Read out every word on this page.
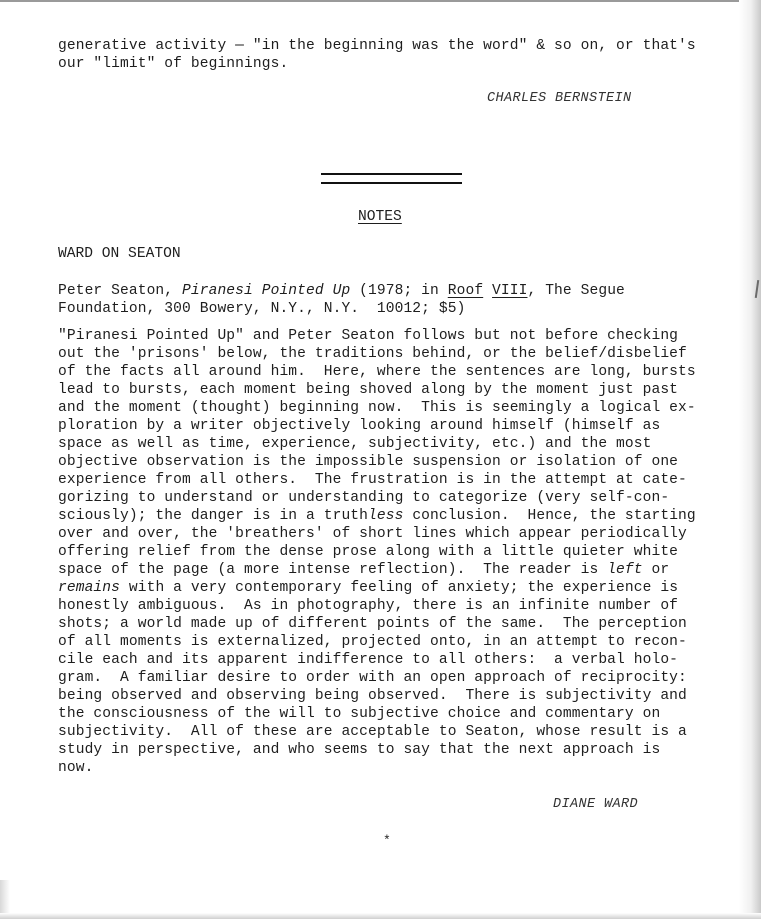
generative activity — "in the beginning was the word" & so on, or that's

our "limit" of beginnings.

CHARLES BERNSTEIN

NOTES
WARD ON SEATON

Peter Seaton, Piranesi Pointed Up (1978; in Roof VIII, The Segue

Foundation, 300 Bowery, N.Y., N.Y.  10012; $5)

"Piranesi Pointed Up" and Peter Seaton follows but not before checking

out the 'prisons' below, the traditions behind, or the belief/disbelief

of the facts all around him.  Here, where the sentences are long, bursts

lead to bursts, each moment being shoved along by the moment just past

and the moment (thought) beginning now.  This is seemingly a logical ex-

ploration by a writer objectively looking around himself (himself as

space as well as time, experience, subjectivity, etc.) and the most

objective observation is the impossible suspension or isolation of one

experience from all others.  The frustration is in the attempt at cate-

gorizing to understand or understanding to categorize (very self-con-

sciously); the danger is in a truthless conclusion.  Hence, the starting

over and over, the 'breathers' of short lines which appear periodically

offering relief from the dense prose along with a little quieter white

space of the page (a more intense reflection).  The reader is left or

remains with a very contemporary feeling of anxiety; the experience is

honestly ambiguous.  As in photography, there is an infinite number of

shots; a world made up of different points of the same.  The perception

of all moments is externalized, projected onto, in an attempt to recon-

cile each and its apparent indifference to all others:  a verbal holo-

gram.  A familiar desire to order with an open approach of reciprocity:

being observed and observing being observed.  There is subjectivity and

the consciousness of the will to subjective choice and commentary on

subjectivity.  All of these are acceptable to Seaton, whose result is a

study in perspective, and who seems to say that the next approach is

now.

DIANE WARD

*
